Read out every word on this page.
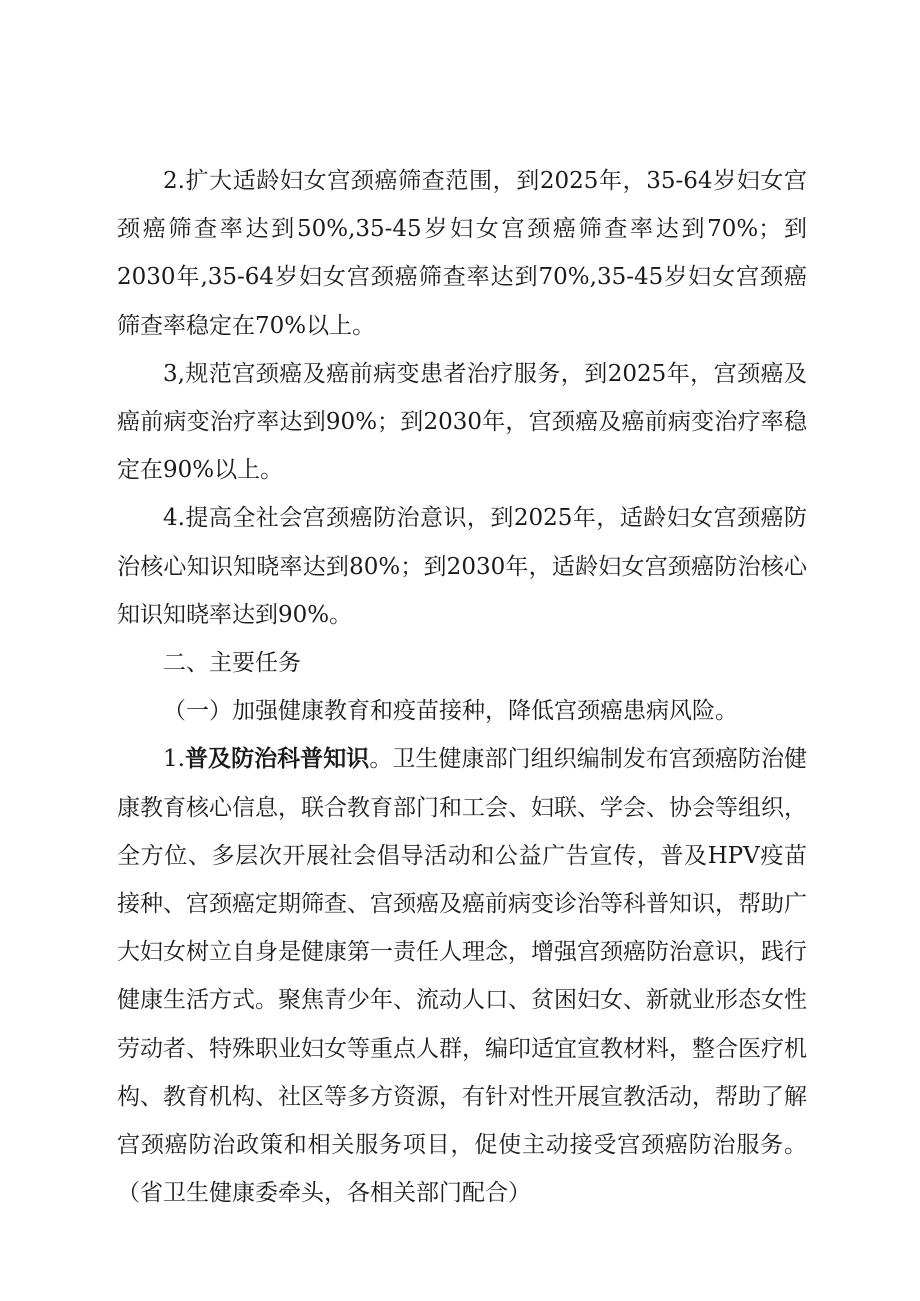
2.扩大适龄妇女宫颈癌筛查范围，到2025年，35-64岁妇女宫颈癌筛查率达到50%,35-45岁妇女宫颈癌筛查率达到70%；到2030年,35-64岁妇女宫颈癌筛查率达到70%,35-45岁妇女宫颈癌筛查率稳定在70%以上。

3,规范宫颈癌及癌前病变患者治疗服务，到2025年，宫颈癌及癌前病变治疗率达到90%；到2030年，宫颈癌及癌前病变治疗率稳定在90%以上。

4.提高全社会宫颈癌防治意识，到2025年，适龄妇女宫颈癌防治核心知识知晓率达到80%；到2030年，适龄妇女宫颈癌防治核心知识知晓率达到90%。

二、主要任务

（一）加强健康教育和疫苗接种，降低宫颈癌患病风险。

1.普及防治科普知识。卫生健康部门组织编制发布宫颈癌防治健康教育核心信息，联合教育部门和工会、妇联、学会、协会等组织，全方位、多层次开展社会倡导活动和公益广告宣传，普及HPV疫苗接种、宫颈癌定期筛查、宫颈癌及癌前病变诊治等科普知识，帮助广大妇女树立自身是健康第一责任人理念，增强宫颈癌防治意识，践行健康生活方式。聚焦青少年、流动人口、贫困妇女、新就业形态女性劳动者、特殊职业妇女等重点人群，编印适宜宣教材料，整合医疗机构、教育机构、社区等多方资源，有针对性开展宣教活动，帮助了解宫颈癌防治政策和相关服务项目，促使主动接受宫颈癌防治服务。（省卫生健康委牵头，各相关部门配合）
